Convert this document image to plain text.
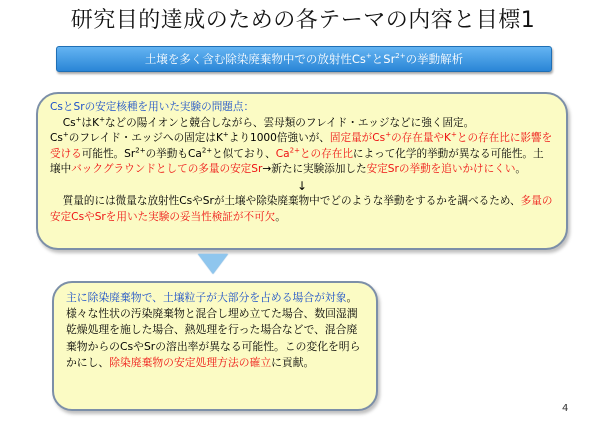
研究目的達成のための各テーマの内容と目標1
土壌を多く含む除染廃棄物中での放射性Cs+と$Sr^{2+}$の挙動解析

CsとSrの安定核種を用いた実験の問題点：

Cs+はK+などの陽イオンと競合しながら、雲母類のフレイド・エッジなどに強く固定。

Cs+のフレイド・エッジへの固定はK+より1000倍強いが、固定量がCs+の存在量やK+との存在比に影響を受ける可能性。$Sr^{2+}$の挙動も$Ca^{2+}$と似ており、$Ca^{2+}$との存在比によって化学的挙動が異なる可能性。土壌中バックグラウンドとしての多量の安定Sr→新たに実験添加した安定Srの挙動を追いかけにくい。

↓

質量的には微量な放射性CsやSrが土壌や除染廃棄物中でどのような挙動をするかを調べるため、多量の安定CsやSrを用いた実験の妥当性検証が不可欠。

主に除染廃棄物で、土壌粒子が大部分を占める場合が対象。

様々な性状の汚染廃棄物と混合し埋め立てた場合、数回湿潤乾燥処理を施した場合、熱処理を行った場合などで、混合廃棄物からのCsやSrの溶出率が異なる可能性。この変化を明らかにし、除染廃棄物の安定処理方法の確立に貢献。

4
